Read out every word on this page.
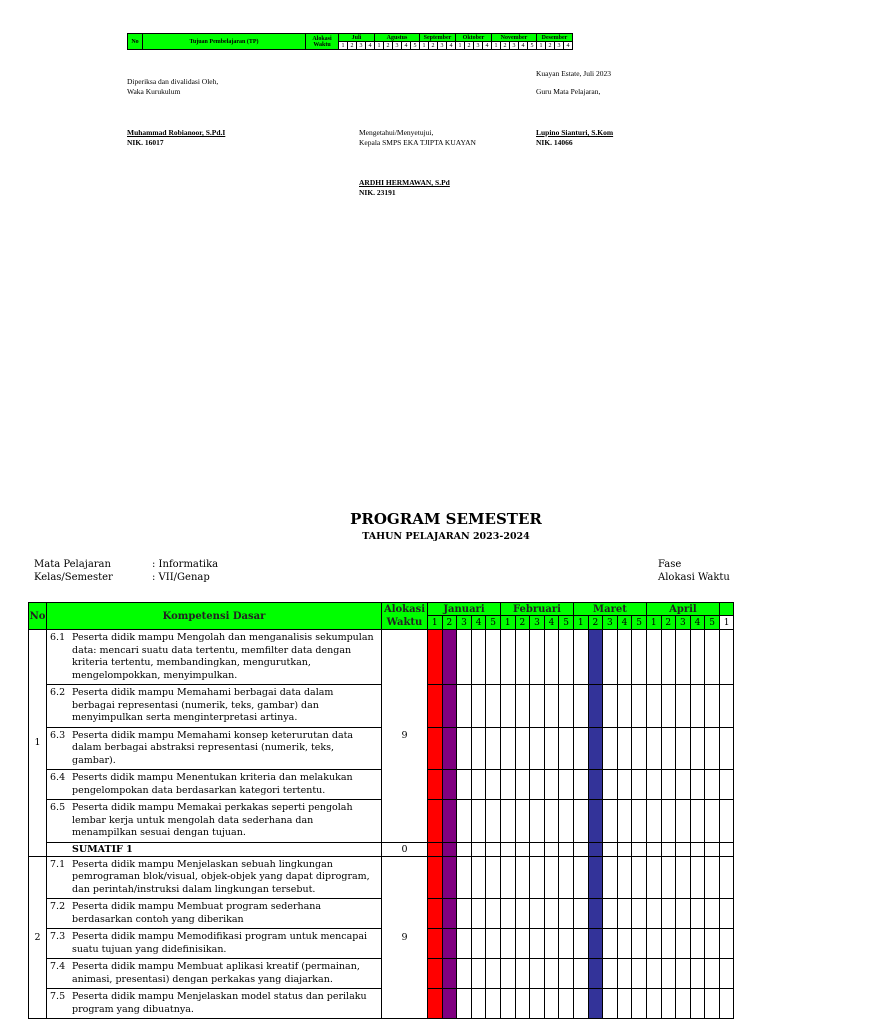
No	Tujuan Pembelajaran (TP)	Alokasi Waktu	Juli				Agustus					September				Oktober				November					Desember			
			1	2	3	4	1	2	3	4	5	1	2	3	4	1	2	3	4	1	2	3	4	5	1	2	3	4
Kuayan Estate, Juli 2023
Diperiksa dan divalidasi Oleh,
Waka Kurukulum	Guru Mata Pelajaran,
Muhammad Robianoor, S.Pd.I
NIK. 16017
Mengetahui/Menyetujui,
Kepala SMPS EKA TJIPTA KUAYAN
Lupino Sianturi, S.Kom
NIK. 14066
ARDHI HERMAWAN, S.Pd
NIK. 23191
PROGRAM SEMESTER
TAHUN PELAJARAN 2023-2024
Mata Pelajaran	: Informatika
Kelas/Semester	: VII/Genap
Fase
Alokasi Waktu
No	Kompetensi Dasar	Alokasi Waktu	Januari					Februari					Maret					April					
			1	2	3	4	5	1	2	3	4	5	1	2	3	4	5	1	2	3	4	5	1
1	6.1 Peserta didik mampu Mengolah dan menganalisis sekumpulan data: mencari suatu data tertentu, memfilter data dengan kriteria tertentu, membandingkan, mengurutkan, mengelompokkan, menyimpulkan.	9																					
	6.2 Peserta didik mampu Memahami berbagai data dalam berbagai representasi (numerik, teks, gambar) dan menyimpulkan serta menginterpretasi artinya.																						
	6.3 Peserta didik mampu Memahami konsep keterurutan data dalam berbagai abstraksi representasi (numerik, teks, gambar).																						
	6.4 Peserts didik mampu Menentukan kriteria dan melakukan pengelompokan data berdasarkan kategori tertentu.																						
	6.5 Peserta didik mampu Memakai perkakas seperti pengolah lembar kerja untuk mengolah data sederhana dan menampilkan sesuai dengan tujuan.																						
	SUMATIF 1	0																					
2	7.1 Peserta didik mampu Menjelaskan sebuah lingkungan pemrograman blok/visual, objek-objek yang dapat diprogram, dan perintah/instruksi dalam lingkungan tersebut.	9																					
	7.2 Peserta didik mampu Membuat program sederhana berdasarkan contoh yang diberikan																						
	7.3 Peserta didik mampu Memodifikasi program untuk mencapai suatu tujuan yang didefinisikan.																						
	7.4 Peserta didik mampu Membuat aplikasi kreatif (permainan, animasi, presentasi) dengan perkakas yang diajarkan.																						
	7.5 Peserta didik mampu Menjelaskan model status dan perilaku program yang dibuatnya.																						
